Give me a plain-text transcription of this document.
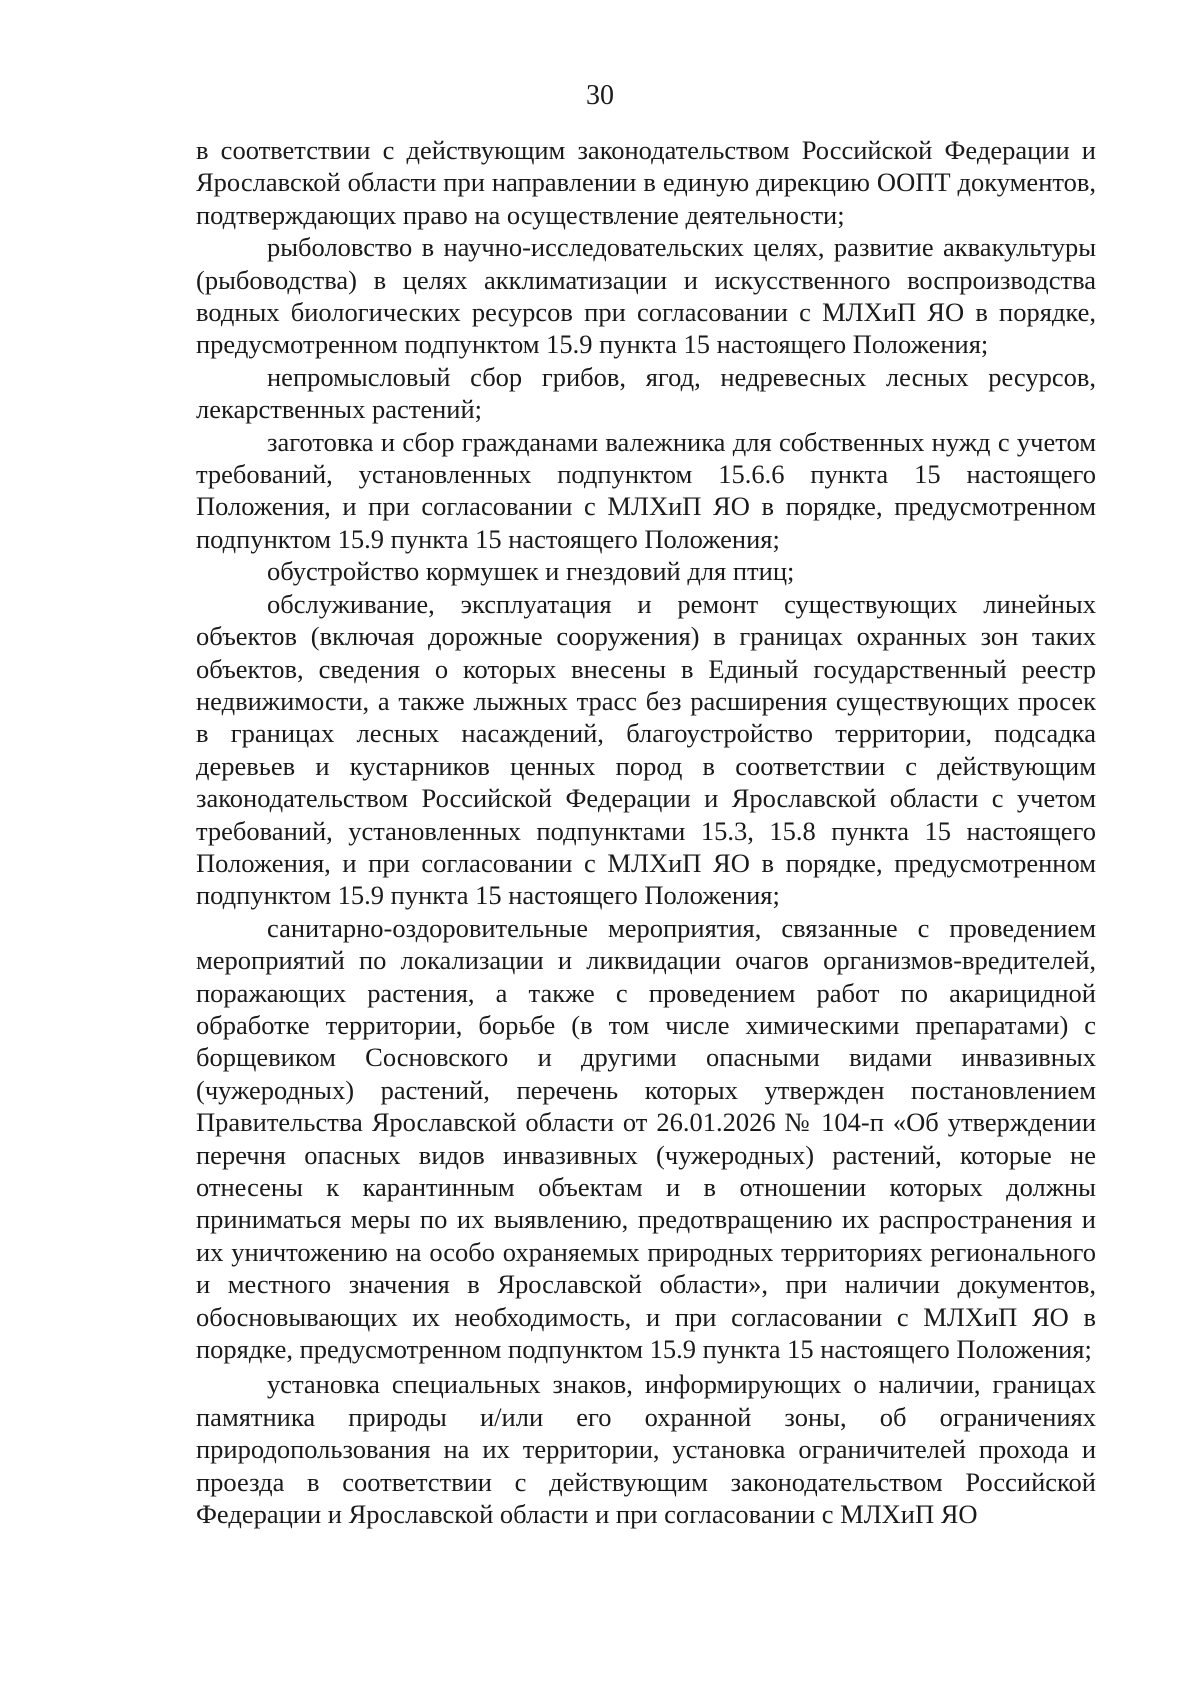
30

в соответствии с действующим законодательством Российской Федерации и Ярославской области при направлении в единую дирекцию ООПТ документов, подтверждающих право на осуществление деятельности;

рыболовство в научно-исследовательских целях, развитие аквакультуры (рыбоводства) в целях акклиматизации и искусственного воспроизводства водных биологических ресурсов при согласовании с МЛХиП ЯО в порядке, предусмотренном подпунктом 15.9 пункта 15 настоящего Положения;

непромысловый сбор грибов, ягод, недревесных лесных ресурсов, лекарственных растений;

заготовка и сбор гражданами валежника для собственных нужд с учетом требований, установленных подпунктом 15.6.6 пункта 15 настоящего Положения, и при согласовании с МЛХиП ЯО в порядке, предусмотренном подпунктом 15.9 пункта 15 настоящего Положения;

обустройство кормушек и гнездовий для птиц;

обслуживание, эксплуатация и ремонт существующих линейных объектов (включая дорожные сооружения) в границах охранных зон таких объектов, сведения о которых внесены в Единый государственный реестр недвижимости, а также лыжных трасс без расширения существующих просек в границах лесных насаждений, благоустройство территории, подсадка деревьев и кустарников ценных пород в соответствии с действующим законодательством Российской Федерации и Ярославской области с учетом требований, установленных подпунктами 15.3, 15.8 пункта 15 настоящего Положения, и при согласовании с МЛХиП ЯО в порядке, предусмотренном подпунктом 15.9 пункта 15 настоящего Положения;

санитарно-оздоровительные мероприятия, связанные с проведением мероприятий по локализации и ликвидации очагов организмов-вредителей, поражающих растения, а также с проведением работ по акарицидной обработке территории, борьбе (в том числе химическими препаратами) с борщевиком Сосновского и другими опасными видами инвазивных (чужеродных) растений, перечень которых утвержден постановлением Правительства Ярославской области от 26.01.2026 № 104-п «Об утверждении перечня опасных видов инвазивных (чужеродных) растений, которые не отнесены к карантинным объектам и в отношении которых должны приниматься меры по их выявлению, предотвращению их распространения и их уничтожению на особо охраняемых природных территориях регионального и местного значения в Ярославской области», при наличии документов, обосновывающих их необходимость, и при согласовании с МЛХиП ЯО в порядке, предусмотренном подпунктом 15.9 пункта 15 настоящего Положения;

установка специальных знаков, информирующих о наличии, границах памятника природы и/или его охранной зоны, об ограничениях природопользования на их территории, установка ограничителей прохода и проезда в соответствии с действующим законодательством Российской Федерации и Ярославской области и при согласовании с МЛХиП ЯО
